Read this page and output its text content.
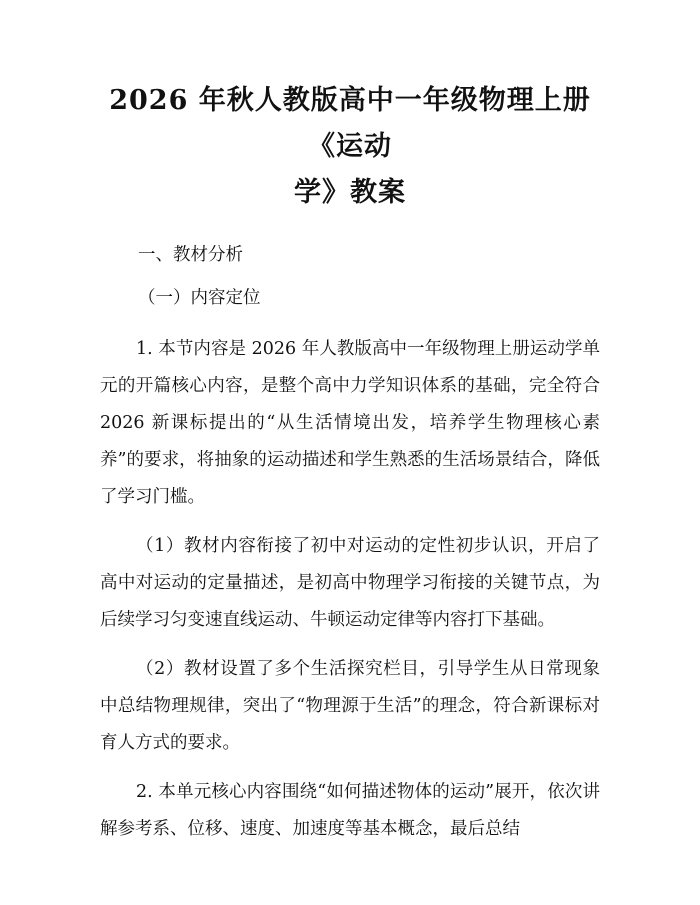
2026 年秋人教版高中一年级物理上册《运动
学》教案

一、教材分析

（一）内容定位

1. 本节内容是 2026 年人教版高中一年级物理上册运动学单元的开篇核心内容，是整个高中力学知识体系的基础，完全符合 2026 新课标提出的“从生活情境出发，培养学生物理核心素养”的要求，将抽象的运动描述和学生熟悉的生活场景结合，降低了学习门槛。

（1）教材内容衔接了初中对运动的定性初步认识，开启了高中对运动的定量描述，是初高中物理学习衔接的关键节点，为后续学习匀变速直线运动、牛顿运动定律等内容打下基础。

（2）教材设置了多个生活探究栏目，引导学生从日常现象中总结物理规律，突出了“物理源于生活”的理念，符合新课标对育人方式的要求。

2. 本单元核心内容围绕“如何描述物体的运动”展开，依次讲解参考系、位移、速度、加速度等基本概念，最后总结
